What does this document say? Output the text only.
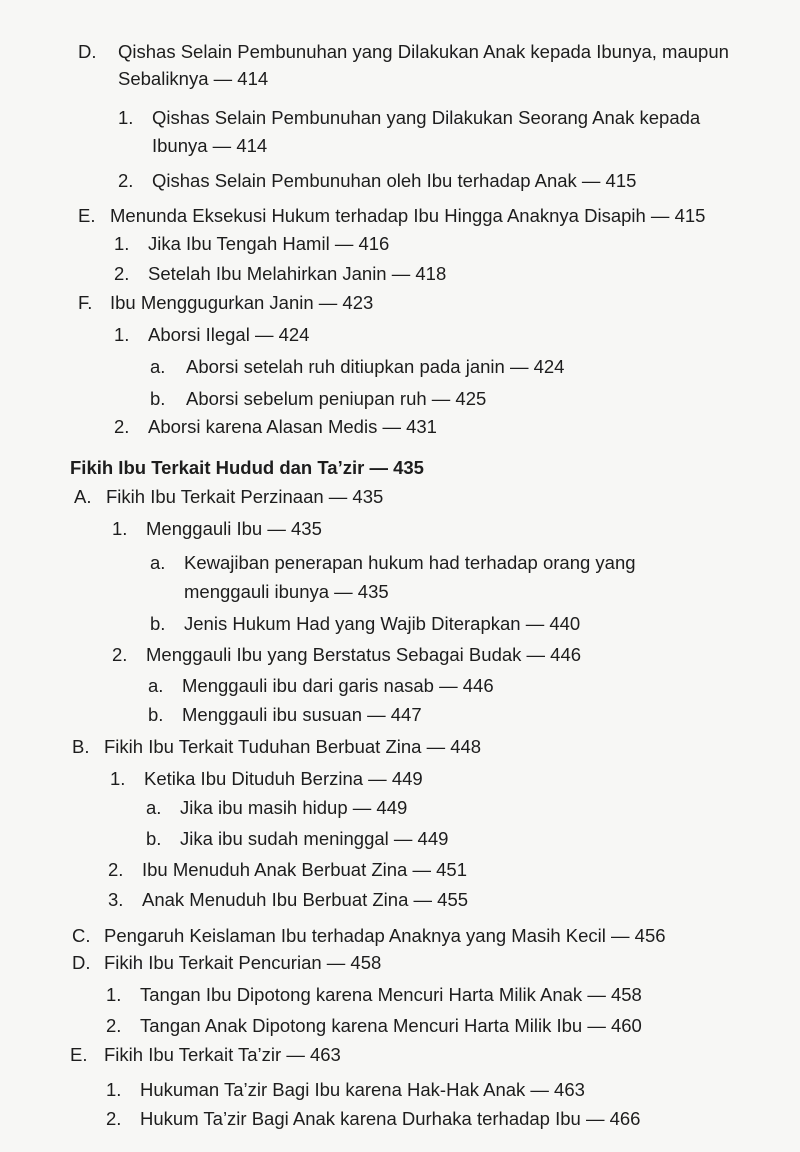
D. Qishas Selain Pembunuhan yang Dilakukan Anak kepada Ibunya, maupun
Sebaliknya — 414
1. Qishas Selain Pembunuhan yang Dilakukan Seorang Anak kepada
Ibunya — 414
2. Qishas Selain Pembunuhan oleh Ibu terhadap Anak — 415
E. Menunda Eksekusi Hukum terhadap Ibu Hingga Anaknya Disapih — 415
1. Jika Ibu Tengah Hamil — 416
2. Setelah Ibu Melahirkan Janin — 418
F. Ibu Menggugurkan Janin — 423
1. Aborsi Ilegal — 424
a. Aborsi setelah ruh ditiupkan pada janin — 424
b. Aborsi sebelum peniupan ruh — 425
2. Aborsi karena Alasan Medis — 431
Fikih Ibu Terkait Hudud dan Ta’zir — 435
A. Fikih Ibu Terkait Perzinaan — 435
1. Menggauli Ibu — 435
a. Kewajiban penerapan hukum had terhadap orang yang
menggauli ibunya — 435
b. Jenis Hukum Had yang Wajib Diterapkan — 440
2. Menggauli Ibu yang Berstatus Sebagai Budak — 446
a. Menggauli ibu dari garis nasab — 446
b. Menggauli ibu susuan — 447
B. Fikih Ibu Terkait Tuduhan Berbuat Zina — 448
1. Ketika Ibu Dituduh Berzina — 449
a. Jika ibu masih hidup — 449
b. Jika ibu sudah meninggal — 449
2. Ibu Menuduh Anak Berbuat Zina — 451
3. Anak Menuduh Ibu Berbuat Zina — 455
C. Pengaruh Keislaman Ibu terhadap Anaknya yang Masih Kecil — 456
D. Fikih Ibu Terkait Pencurian — 458
1. Tangan Ibu Dipotong karena Mencuri Harta Milik Anak — 458
2. Tangan Anak Dipotong karena Mencuri Harta Milik Ibu — 460
E. Fikih Ibu Terkait Ta’zir — 463
1. Hukuman Ta’zir Bagi Ibu karena Hak-Hak Anak — 463
2. Hukum Ta’zir Bagi Anak karena Durhaka terhadap Ibu — 466
